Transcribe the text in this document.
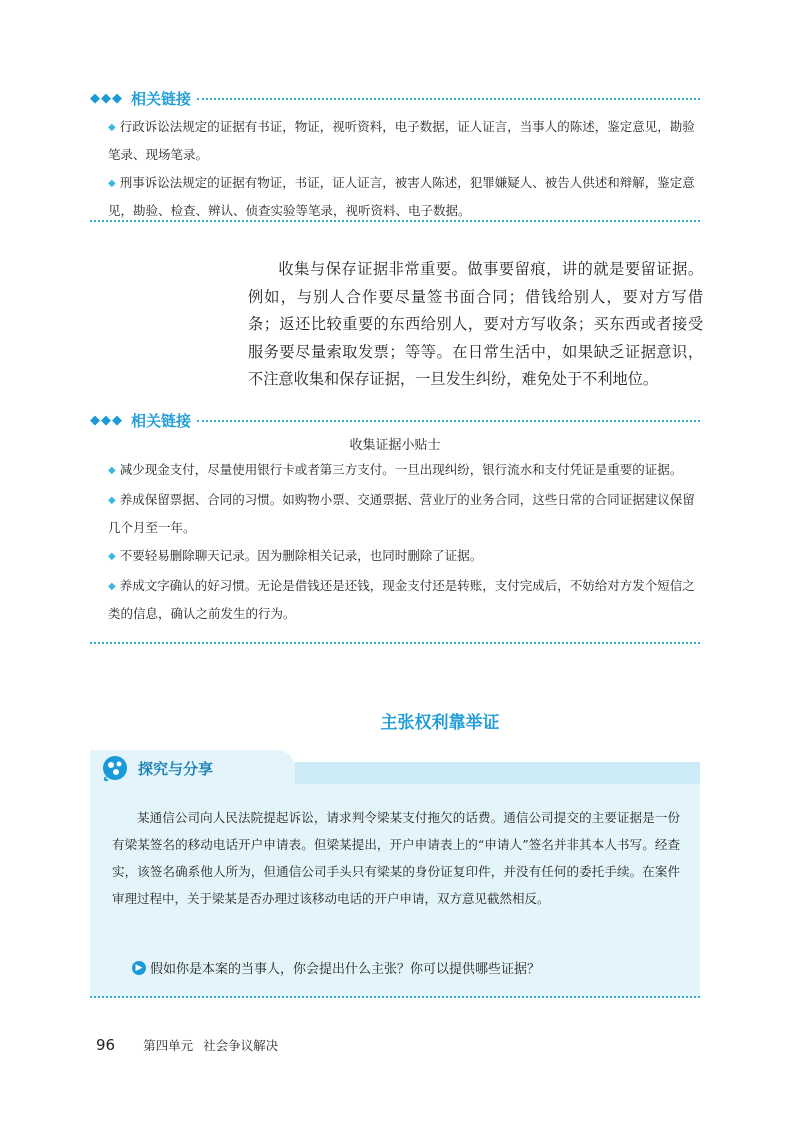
◆◆◆ 相关链接

◆ 行政诉讼法规定的证据有书证，物证，视听资料，电子数据，证人证言，当事人的陈述，鉴定意见，勘验笔录、现场笔录。

◆ 刑事诉讼法规定的证据有物证，书证，证人证言，被害人陈述，犯罪嫌疑人、被告人供述和辩解，鉴定意见，勘验、检查、辨认、侦查实验等笔录，视听资料、电子数据。

收集与保存证据非常重要。做事要留痕，讲的就是要留证据。例如，与别人合作要尽量签书面合同；借钱给别人，要对方写借条；返还比较重要的东西给别人，要对方写收条；买东西或者接受服务要尽量索取发票；等等。在日常生活中，如果缺乏证据意识，不注意收集和保存证据，一旦发生纠纷，难免处于不利地位。

◆◆◆ 相关链接
收集证据小贴士

◆ 减少现金支付，尽量使用银行卡或者第三方支付。一旦出现纠纷，银行流水和支付凭证是重要的证据。

◆ 养成保留票据、合同的习惯。如购物小票、交通票据、营业厅的业务合同，这些日常的合同证据建议保留几个月至一年。

◆ 不要轻易删除聊天记录。因为删除相关记录，也同时删除了证据。

◆ 养成文字确认的好习惯。无论是借钱还是还钱，现金支付还是转账，支付完成后，不妨给对方发个短信之类的信息，确认之前发生的行为。

主张权利靠举证
探究与分享

某通信公司向人民法院提起诉讼，请求判令梁某支付拖欠的话费。通信公司提交的主要证据是一份有梁某签名的移动电话开户申请表。但梁某提出，开户申请表上的“申请人”签名并非其本人书写。经查实，该签名确系他人所为，但通信公司手头只有梁某的身份证复印件，并没有任何的委托手续。在案件审理过程中，关于梁某是否办理过该移动电话的开户申请，双方意见截然相反。

▶ 假如你是本案的当事人，你会提出什么主张？你可以提供哪些证据？
96 第四单元 社会争议解决
